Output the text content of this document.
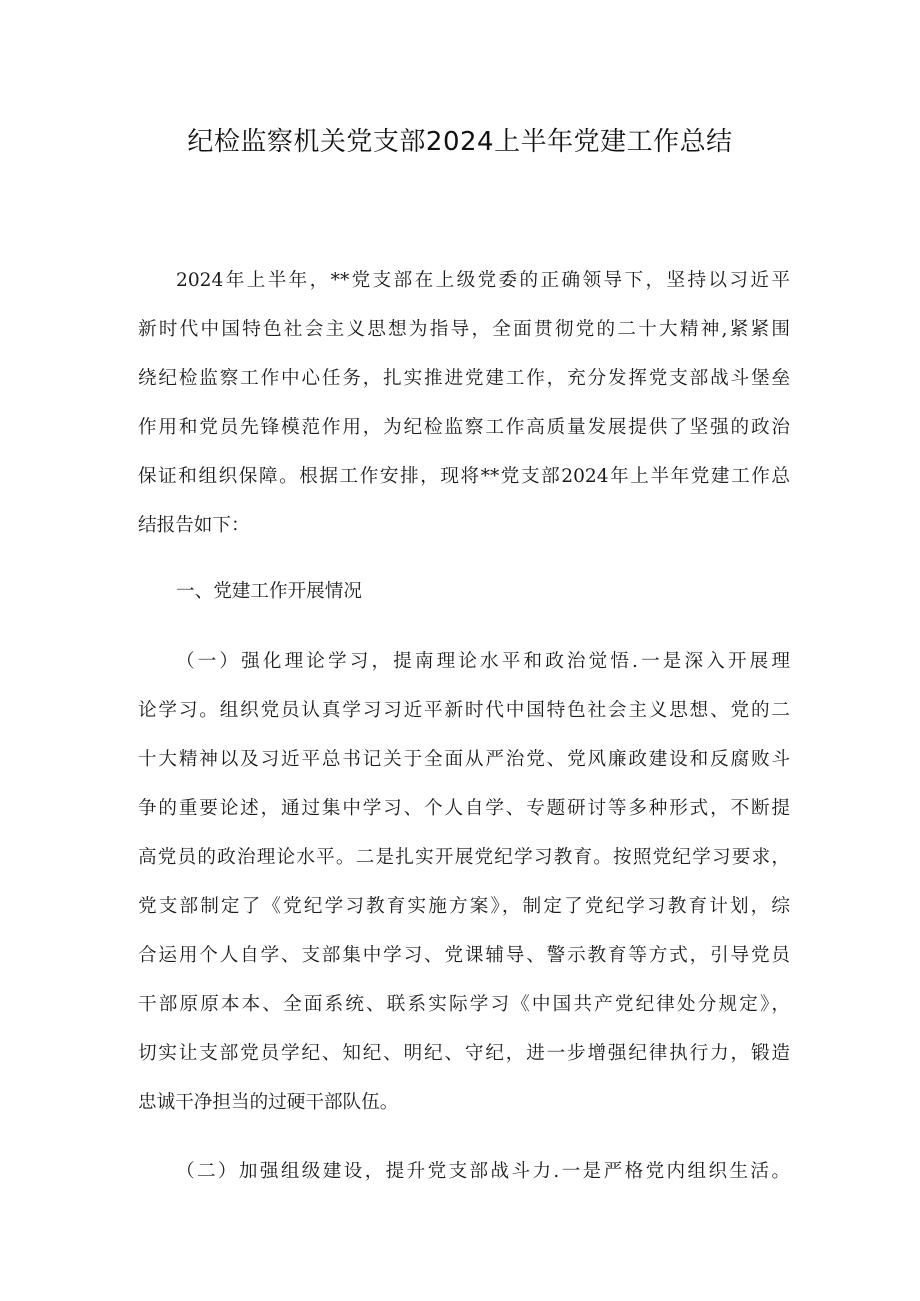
纪检监察机关党支部2024上半年党建工作总结

2024年上半年，**党支部在上级党委的正确领导下，坚持以习近平

新时代中国特色社会主义思想为指导，全面贯彻党的二十大精神,紧紧围

绕纪检监察工作中心任务，扎实推进党建工作，充分发挥党支部战斗堡垒

作用和党员先锋模范作用，为纪检监察工作高质量发展提供了坚强的政治

保证和组织保障。根据工作安排，现将**党支部2024年上半年党建工作总

结报告如下：

一、党建工作开展情况

（一）强化理论学习，提南理论水平和政治觉悟.一是深入开展理

论学习。组织党员认真学习习近平新时代中国特色社会主义思想、党的二

十大精神以及习近平总书记关于全面从严治党、党风廉政建设和反腐败斗

争的重要论述，通过集中学习、个人自学、专题研讨等多种形式，不断提

高党员的政治理论水平。二是扎实开展党纪学习教育。按照党纪学习要求，

党支部制定了《党纪学习教育实施方案》，制定了党纪学习教育计划，综

合运用个人自学、支部集中学习、党课辅导、警示教育等方式，引导党员

干部原原本本、全面系统、联系实际学习《中国共产党纪律处分规定》，

切实让支部党员学纪、知纪、明纪、守纪，进一步增强纪律执行力，锻造

忠诚干净担当的过硬干部队伍。

（二）加强组级建设，提升党支部战斗力.一是严格党内组织生活。
